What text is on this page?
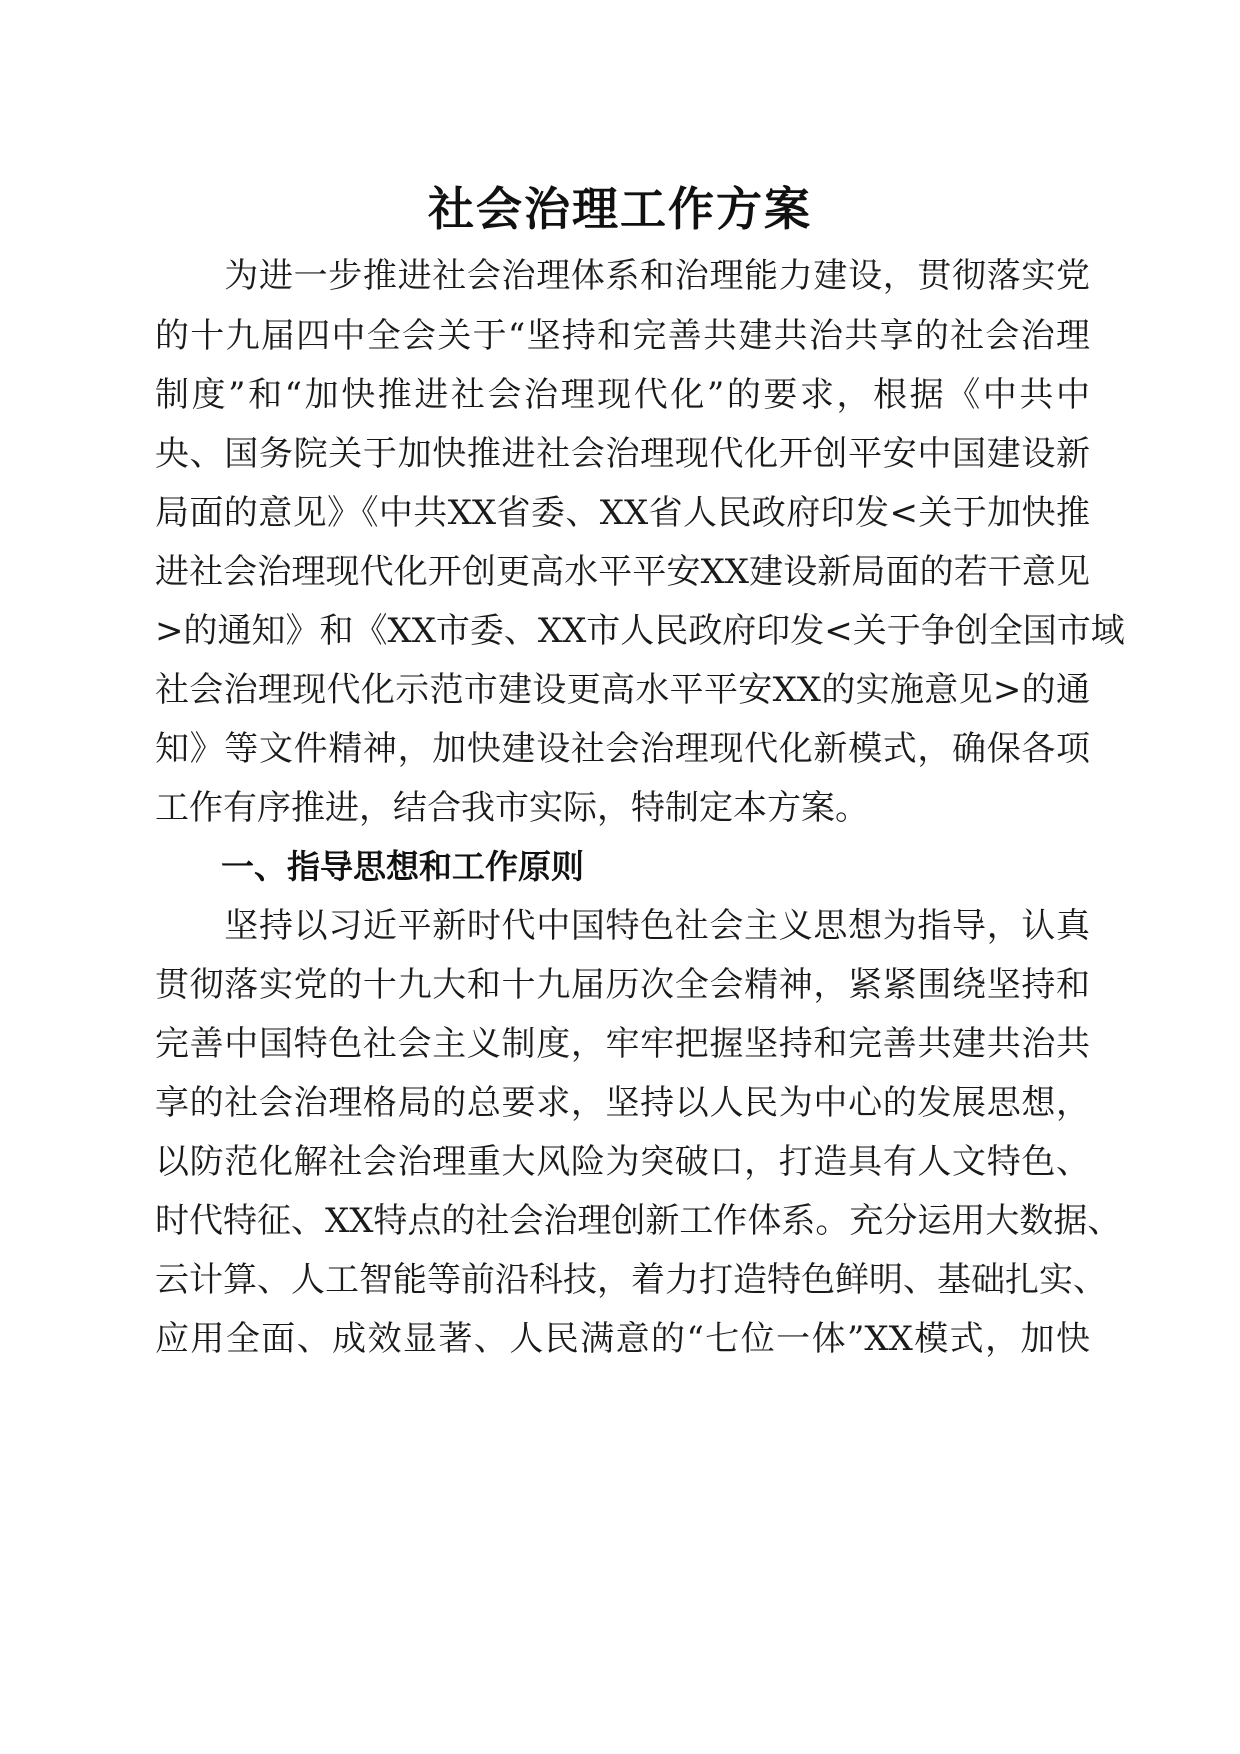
社会治理工作方案
　　为进一步推进社会治理体系和治理能力建设，贯彻落实党
的十九届四中全会关于“坚持和完善共建共治共享的社会治理
制度”和“加快推进社会治理现代化”的要求，根据《中共中
央、国务院关于加快推进社会治理现代化开创平安中国建设新
局面的意见》《中共XX省委、XX省人民政府印发<关于加快推
进社会治理现代化开创更高水平平安XX建设新局面的若干意见
>的通知》和《XX市委、XX市人民政府印发<关于争创全国市域
社会治理现代化示范市建设更高水平平安XX的实施意见>的通
知》等文件精神，加快建设社会治理现代化新模式，确保各项
工作有序推进，结合我市实际，特制定本方案。
一、指导思想和工作原则
　　坚持以习近平新时代中国特色社会主义思想为指导，认真
贯彻落实党的十九大和十九届历次全会精神，紧紧围绕坚持和
完善中国特色社会主义制度，牢牢把握坚持和完善共建共治共
享的社会治理格局的总要求，坚持以人民为中心的发展思想，
以防范化解社会治理重大风险为突破口，打造具有人文特色、
时代特征、XX特点的社会治理创新工作体系。充分运用大数据、
云计算、人工智能等前沿科技，着力打造特色鲜明、基础扎实、
应用全面、成效显著、人民满意的“七位一体”XX模式，加快
